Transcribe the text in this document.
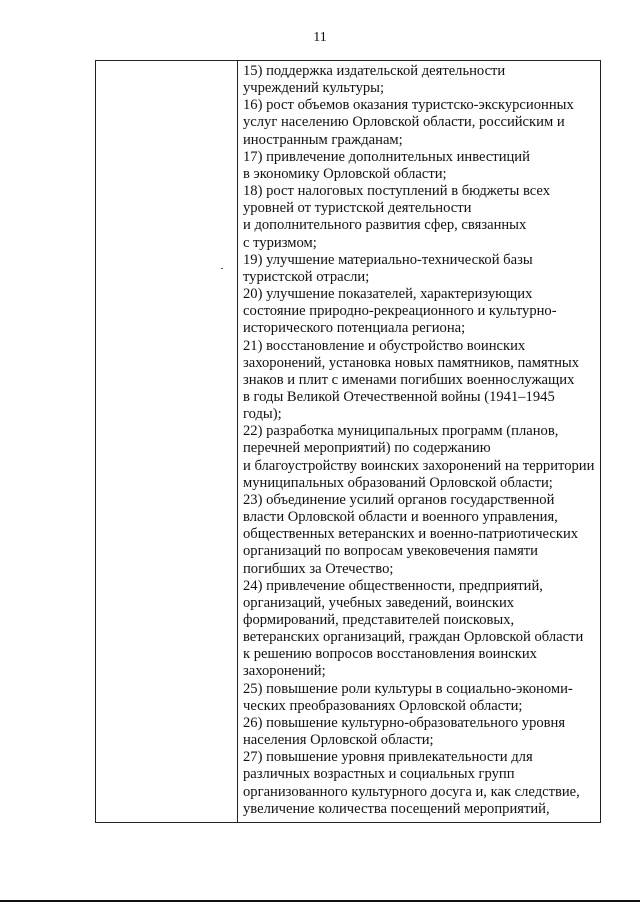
11
15) поддержка издательской деятельности
учреждений культуры;
16) рост объемов оказания туристско-экскурсионных
услуг населению Орловской области, российским и
иностранным гражданам;
17) привлечение дополнительных инвестиций
в экономику Орловской области;
18) рост налоговых поступлений в бюджеты всех
уровней от туристской деятельности
и дополнительного развития сфер, связанных
с туризмом;
19) улучшение материально-технической базы
туристской отрасли;
20) улучшение показателей, характеризующих
состояние природно-рекреационного и культурно-
исторического потенциала региона;
21) восстановление и обустройство воинских
захоронений, установка новых памятников, памятных
знаков и плит с именами погибших военнослужащих
в годы Великой Отечественной войны (1941–1945
годы);
22) разработка муниципальных программ (планов,
перечней мероприятий) по содержанию
и благоустройству воинских захоронений на территории
муниципальных образований Орловской области;
23) объединение усилий органов государственной
власти Орловской области и военного управления,
общественных ветеранских и военно-патриотических
организаций по вопросам увековечения памяти
погибших за Отечество;
24) привлечение общественности, предприятий,
организаций, учебных заведений, воинских
формирований, представителей поисковых,
ветеранских организаций, граждан Орловской области
к решению вопросов восстановления воинских
захоронений;
25) повышение роли культуры в социально-экономи-
ческих преобразованиях Орловской области;
26) повышение культурно-образовательного уровня
населения Орловской области;
27) повышение уровня привлекательности для
различных возрастных и социальных групп
организованного культурного досуга и, как следствие,
увеличение количества посещений мероприятий,
